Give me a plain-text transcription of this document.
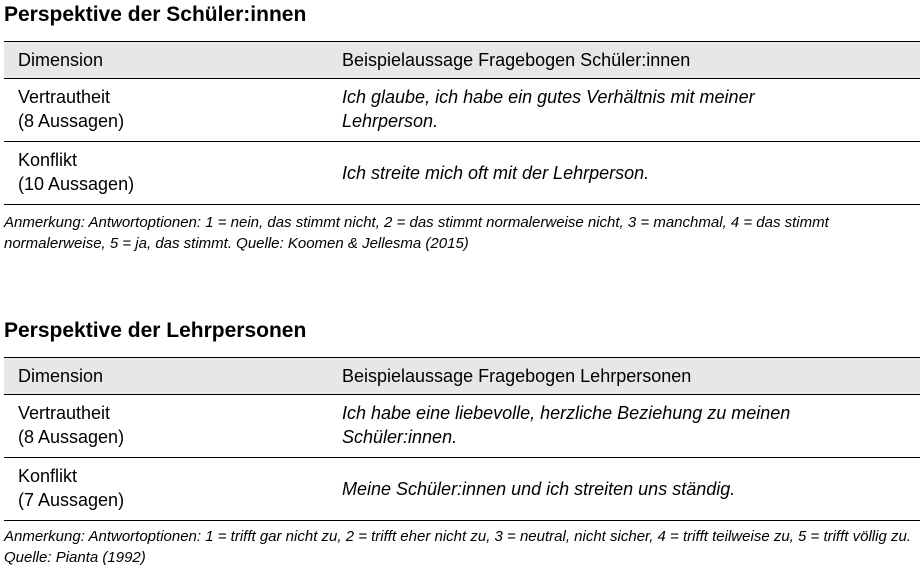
Perspektive der Schüler:innen
Dimension	Beispielaussage Fragebogen Schüler:innen
Vertrautheit
(8 Aussagen)
Ich glaube, ich habe ein gutes Verhältnis mit meiner Lehrperson.
Konflikt
(10 Aussagen)
Ich streite mich oft mit der Lehrperson.
Anmerkung: Antwortoptionen: 1 = nein, das stimmt nicht, 2 = das stimmt normalerweise nicht, 3 = manchmal, 4 = das stimmt normalerweise, 5 = ja, das stimmt. Quelle: Koomen & Jellesma (2015)
Perspektive der Lehrpersonen
Dimension	Beispielaussage Fragebogen Lehrpersonen
Vertrautheit
(8 Aussagen)
Ich habe eine liebevolle, herzliche Beziehung zu meinen Schüler:innen.
Konflikt
(7 Aussagen)
Meine Schüler:innen und ich streiten uns ständig.
Anmerkung: Antwortoptionen: 1 = trifft gar nicht zu, 2 = trifft eher nicht zu, 3 = neutral, nicht sicher, 4 = trifft teilweise zu, 5 = trifft völlig zu. Quelle: Pianta (1992)
